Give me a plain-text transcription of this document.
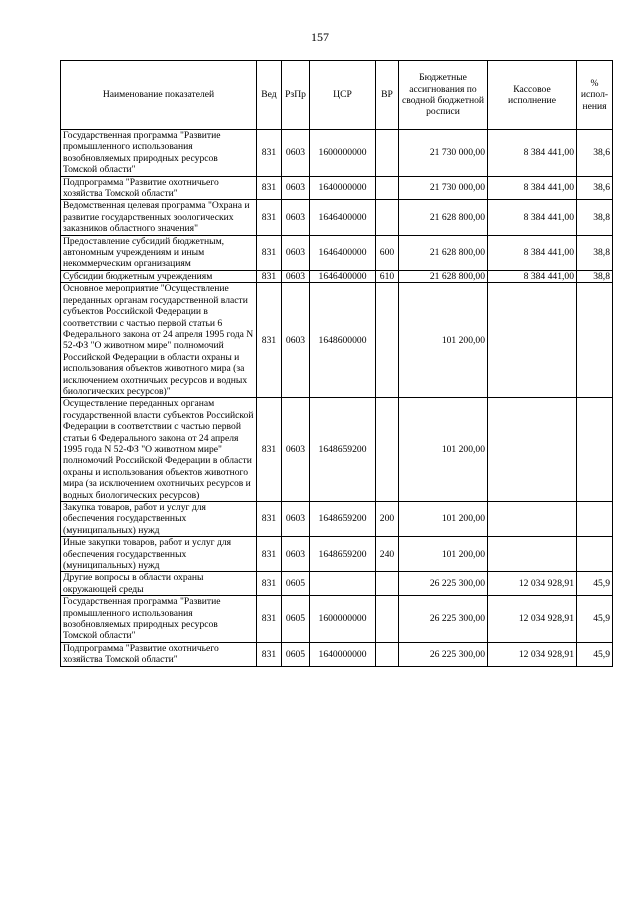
157
Наименование показателей	Вед	РзПр	ЦСР	ВР	Бюджетные ассигнования по сводной бюджетной росписи	Кассовое исполнение	% испол-нения
Государственная программа "Развитие промышленного использования возобновляемых природных ресурсов Томской области"	831	0603	1600000000		21 730 000,00	8 384 441,00	38,6
Подпрограмма "Развитие охотничьего хозяйства Томской области"	831	0603	1640000000		21 730 000,00	8 384 441,00	38,6
Ведомственная целевая программа "Охрана и развитие государственных зоологических заказников областного значения"	831	0603	1646400000		21 628 800,00	8 384 441,00	38,8
Предоставление субсидий бюджетным, автономным учреждениям и иным некоммерческим организациям	831	0603	1646400000	600	21 628 800,00	8 384 441,00	38,8
Субсидии бюджетным учреждениям	831	0603	1646400000	610	21 628 800,00	8 384 441,00	38,8
Основное мероприятие "Осуществление переданных органам государственной власти субъектов Российской Федерации в соответствии с частью первой статьи 6 Федерального закона от 24 апреля 1995 года N 52-ФЗ "О животном мире" полномочий Российской Федерации в области охраны и использования объектов животного мира (за исключением охотничьих ресурсов и водных биологических ресурсов)"	831	0603	1648600000		101 200,00		
Осуществление переданных органам государственной власти субъектов Российской Федерации в соответствии с частью первой статьи 6 Федерального закона от 24 апреля 1995 года N 52-ФЗ "О животном мире" полномочий Российской Федерации в области охраны и использования объектов животного мира (за исключением охотничьих ресурсов и водных биологических ресурсов)	831	0603	1648659200		101 200,00		
Закупка товаров, работ и услуг для обеспечения государственных (муниципальных) нужд	831	0603	1648659200	200	101 200,00		
Иные закупки товаров, работ и услуг для обеспечения государственных (муниципальных) нужд	831	0603	1648659200	240	101 200,00		
Другие вопросы в области охраны окружающей среды	831	0605			26 225 300,00	12 034 928,91	45,9
Государственная программа "Развитие промышленного использования возобновляемых природных ресурсов Томской области"	831	0605	1600000000		26 225 300,00	12 034 928,91	45,9
Подпрограмма "Развитие охотничьего хозяйства Томской области"	831	0605	1640000000		26 225 300,00	12 034 928,91	45,9
